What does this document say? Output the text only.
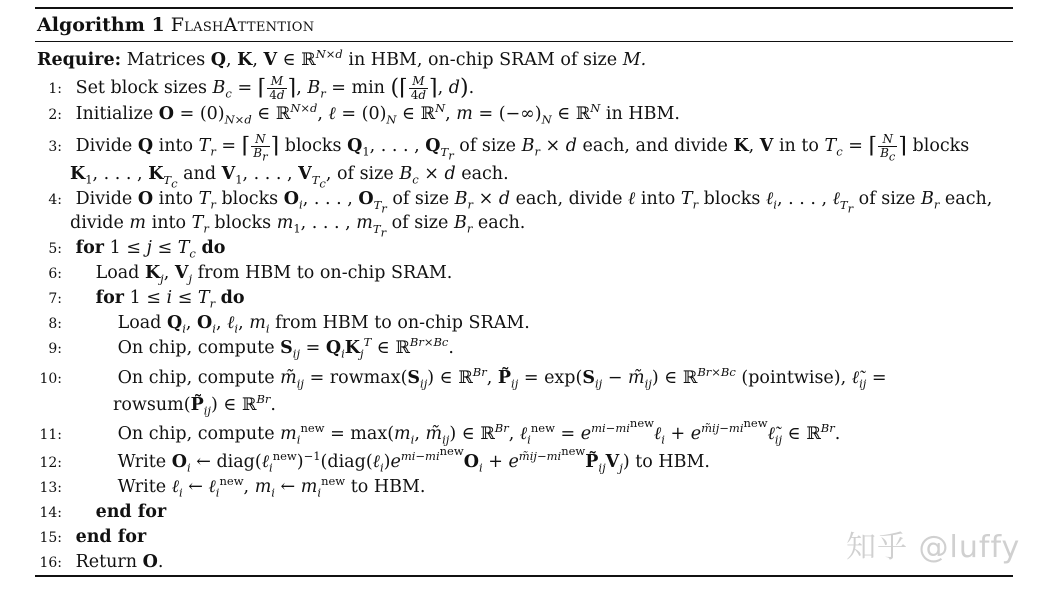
Algorithm 1 FlashAttention
Require: Matrices Q, K, V ∈ ℝ$^{N\times d}$ in HBM, on-chip SRAM of size M.
1: Set block sizes $B_c$ = ⌈ $\frac{M}{4d}$ ⌉, $B_r = \min$ (⌈ $\frac{M}{4d}$ ⌉, d).
2: Initialize $O = (0)_{N\times d}$ ∈ ℝ$^{N\times d}$, ℓ = $(0)_N$ ∈ ℝ$^N$, $m = (-\infty)_N$ ∈ ℝ$^N$ in HBM.
3: Divide Q into $T_r$ = ⌈ $\frac{N}{B_r}$ ⌉ blocks $Q_1$, . . . , $Q_{T_r}$ of size $B_r \times d$ each, and divide K, V in to $T_c$ = ⌈ $\frac{N}{B_c}$ ⌉ blocks
$K_1$, . . . , $K_{T_c}$ and $V_1$, . . . , $V_{T_c}$, of size $B_c \times d$ each.
4: Divide O into $T_r$ blocks $O_i$, . . . , $O_{T_r}$ of size $B_r \times d$ each, divide ℓ into $T_r$ blocks ℓ$_i$, . . . , ℓ$_{T_r}$ of size $B_r$ each,
divide m into $T_r$ blocks $m_1$, . . . , $m_{T_r}$ of size $B_r$ each.
5: for $1 \le j \le T_c$ do
6: Load $K_j$, $V_j$ from HBM to on-chip SRAM.
7: for $1 \le i \le T_r$ do
8:	Load $Q_i$, $O_i$, ℓ$_i$, $m_i$ from HBM to on-chip SRAM.
9:	On chip, compute $S_{ij} = Q_iK_j^T$ ∈ ℝ$^{Br\times Bc}$.
10:	On chip, compute $m̃_{ij} = rowmax(S_{ij})$ ∈ ℝ$^{Br}$, $P̃_{ij} = \exp(S_{ij}$ − $m̃_{ij}$) ∈ ℝ$^{Br\times Bc}$ (pointwise), $\ell̃_{ij}$ =
$rowsum(P̃_{ij})$ ∈ ℝ$^{Br}$.
11:	On chip, compute $m_i^{new} = \max(m_i$, $m̃_{ij}$) ∈ ℝ$^{Br}$, ℓ$_i^{new}$ = $e^{mi-mi^{new}}\ell_i$ + $e^{m̃ij-mi^{new}}\ell̃_{ij}$ ∈ ℝ$^{Br}$.
12:	Write $O_i$ ← $diag(\ell_i^{new})^{-1}(diag(\ell_i)e^{mi-mi^{new}}O_i$ + $e^{m̃ij-mi^{new}}P̃_{ij}V_j$) to HBM.
13:	Write ℓ$_i$ ← ℓ$_i^{new}$, $m_i$ ← $m_i^{new}$ to HBM.
14: end for
15: end for
16: Return O.	知乎 @luffy
